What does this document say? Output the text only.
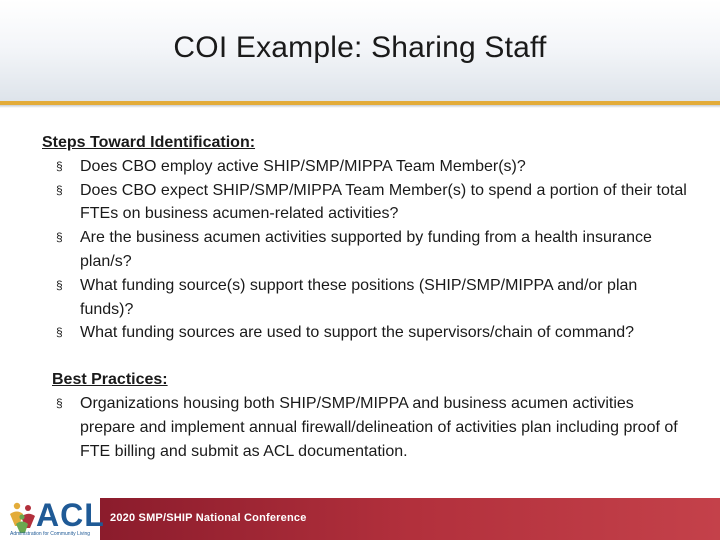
COI Example: Sharing Staff
Steps Toward Identification:
§ Does CBO employ active SHIP/SMP/MIPPA Team Member(s)?
§ Does CBO expect SHIP/SMP/MIPPA Team Member(s) to spend a portion of their total FTEs on business acumen-related activities?
§ Are the business acumen activities supported by funding from a health insurance plan/s?
§ What funding source(s) support these positions (SHIP/SMP/MIPPA and/or plan funds)?
§ What funding sources are used to support the supervisors/chain of command?
Best Practices:
§ Organizations housing both SHIP/SMP/MIPPA and business acumen activities prepare and implement annual firewall/delineation of activities plan including proof of FTE billing and submit as ACL documentation.
2020 SMP/SHIP National Conference
ACL
Administration for Community Living
